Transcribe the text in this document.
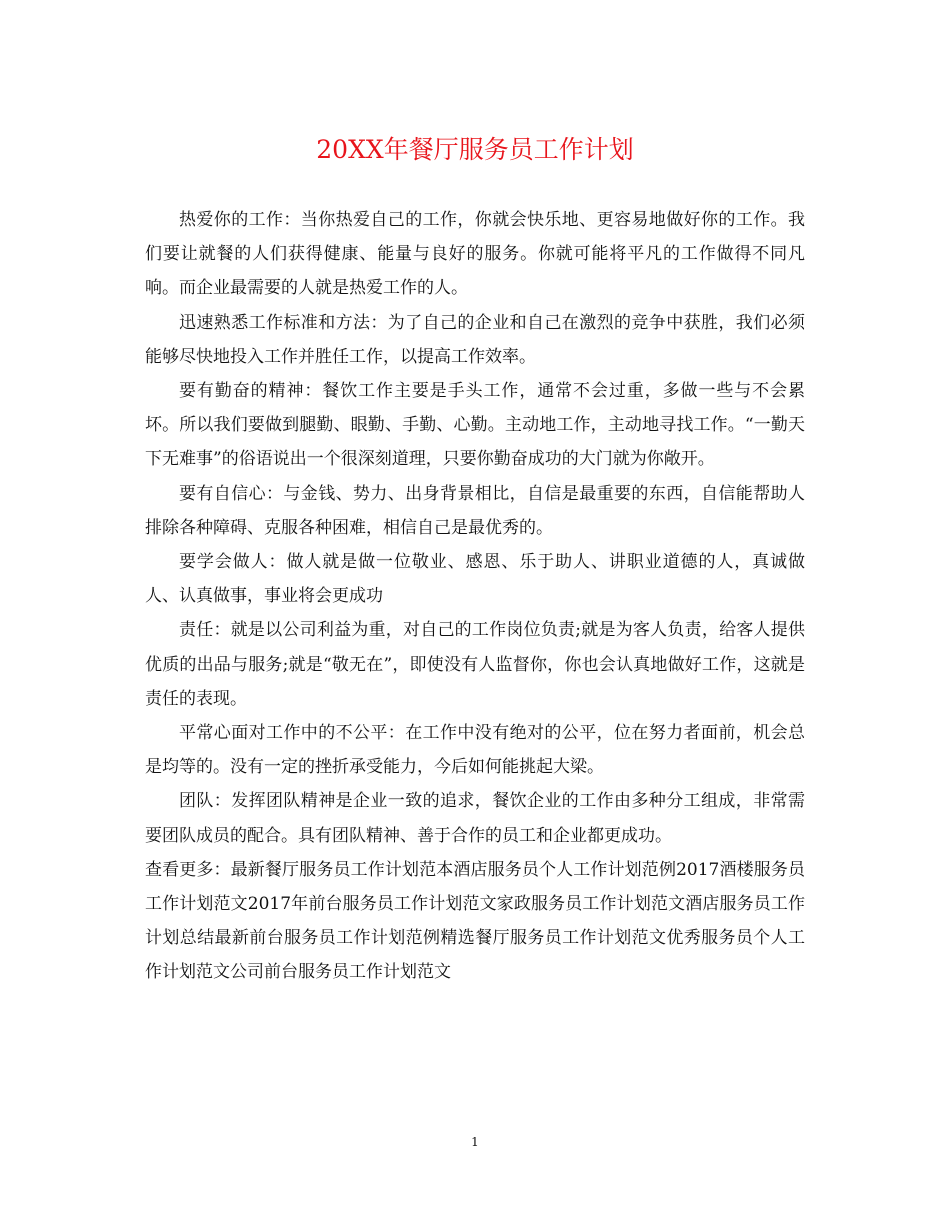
20XX年餐厅服务员工作计划

热爱你的工作：当你热爱自己的工作，你就会快乐地、更容易地做好你的工作。我们要让就餐的人们获得健康、能量与良好的服务。你就可能将平凡的工作做得不同凡响。而企业最需要的人就是热爱工作的人。

迅速熟悉工作标准和方法：为了自己的企业和自己在激烈的竞争中获胜，我们必须能够尽快地投入工作并胜任工作，以提高工作效率。

要有勤奋的精神：餐饮工作主要是手头工作，通常不会过重，多做一些与不会累坏。所以我们要做到腿勤、眼勤、手勤、心勤。主动地工作，主动地寻找工作。“一勤天下无难事”的俗语说出一个很深刻道理，只要你勤奋成功的大门就为你敞开。

要有自信心：与金钱、势力、出身背景相比，自信是最重要的东西，自信能帮助人排除各种障碍、克服各种困难，相信自己是最优秀的。

要学会做人：做人就是做一位敬业、感恩、乐于助人、讲职业道德的人，真诚做人、认真做事，事业将会更成功

责任：就是以公司利益为重，对自己的工作岗位负责;就是为客人负责，给客人提供优质的出品与服务;就是“敬无在”，即使没有人监督你，你也会认真地做好工作，这就是责任的表现。

平常心面对工作中的不公平：在工作中没有绝对的公平，位在努力者面前，机会总是均等的。没有一定的挫折承受能力，今后如何能挑起大梁。

团队：发挥团队精神是企业一致的追求，餐饮企业的工作由多种分工组成，非常需要团队成员的配合。具有团队精神、善于合作的员工和企业都更成功。

查看更多：最新餐厅服务员工作计划范本酒店服务员个人工作计划范例2017酒楼服务员工作计划范文2017年前台服务员工作计划范文家政服务员工作计划范文酒店服务员工作计划总结最新前台服务员工作计划范例精选餐厅服务员工作计划范文优秀服务员个人工作计划范文公司前台服务员工作计划范文

1
